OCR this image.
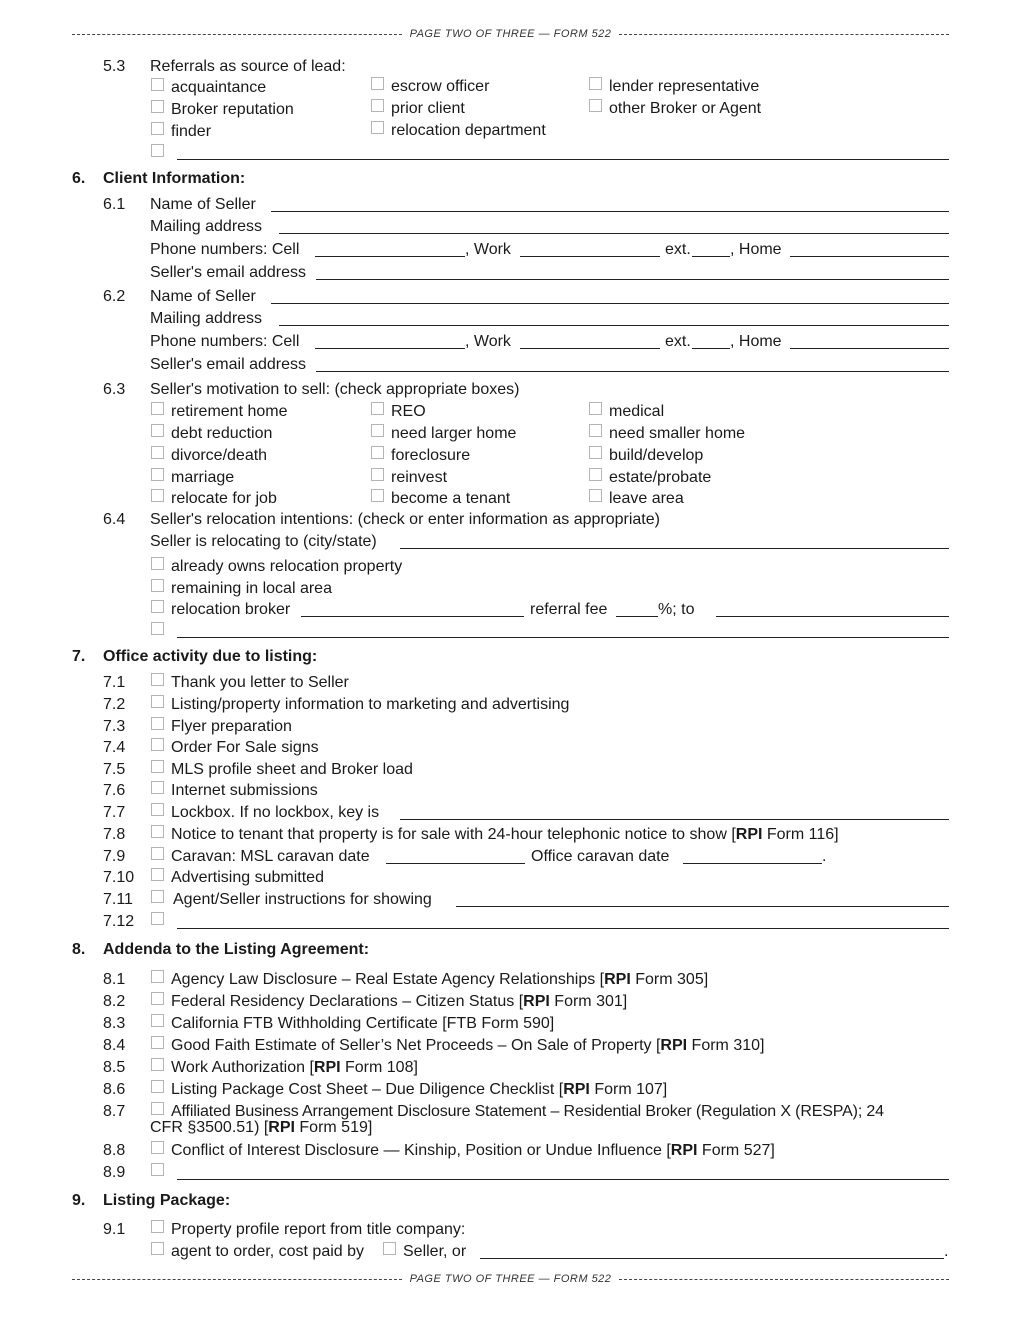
PAGE TWO OF THREE — FORM 522
5.3 Referrals as source of lead:
acquaintance
Broker reputation
finder
escrow officer
prior client
relocation department
lender representative
other Broker or Agent
6. Client Information:
6.1 Name of Seller
Mailing address
Phone numbers: Cell	, Work	ext. , Home
Seller's email address
6.2 Name of Seller
Mailing address
Phone numbers: Cell	, Work	ext. , Home
Seller's email address
6.3 Seller's motivation to sell: (check appropriate boxes)
retirement home
debt reduction
divorce/death
marriage
relocate for job
REO
need larger home
foreclosure
reinvest
become a tenant
medical
need smaller home
build/develop
estate/probate
leave area
6.4 Seller's relocation intentions: (check or enter information as appropriate)
Seller is relocating to (city/state)
already owns relocation property
remaining in local area
relocation broker	referral fee	%; to
7. Office activity due to listing:
7.1	Thank you letter to Seller
7.2	Listing/property information to marketing and advertising
7.3	Flyer preparation
7.4	Order For Sale signs
7.5	MLS profile sheet and Broker load
7.6	Internet submissions
7.7	Lockbox. If no lockbox, key is
7.8	Notice to tenant that property is for sale with 24-hour telephonic notice to show [RPI Form 116]
7.9	Caravan: MSL caravan date	Office caravan date	.
7.10 Advertising submitted
7.11	Agent/Seller instructions for showing
7.12
8. Addenda to the Listing Agreement:
8.1	Agency Law Disclosure – Real Estate Agency Relationships [RPI Form 305]
8.2	Federal Residency Declarations – Citizen Status [RPI Form 301]
8.3	California FTB Withholding Certificate [FTB Form 590]
8.4	Good Faith Estimate of Seller’s Net Proceeds – On Sale of Property [RPI Form 310]
8.5	Work Authorization [RPI Form 108]
8.6	Listing Package Cost Sheet – Due Diligence Checklist [RPI Form 107]
8.7	Affiliated Business Arrangement Disclosure Statement – Residential Broker (Regulation X (RESPA); 24
CFR §3500.51) [RPI Form 519]
8.8	Conflict of Interest Disclosure — Kinship, Position or Undue Influence [RPI Form 527]
8.9
9. Listing Package:
9.1	Property profile report from title company:
agent to order, cost paid by Seller, or	.
PAGE TWO OF THREE — FORM 522
